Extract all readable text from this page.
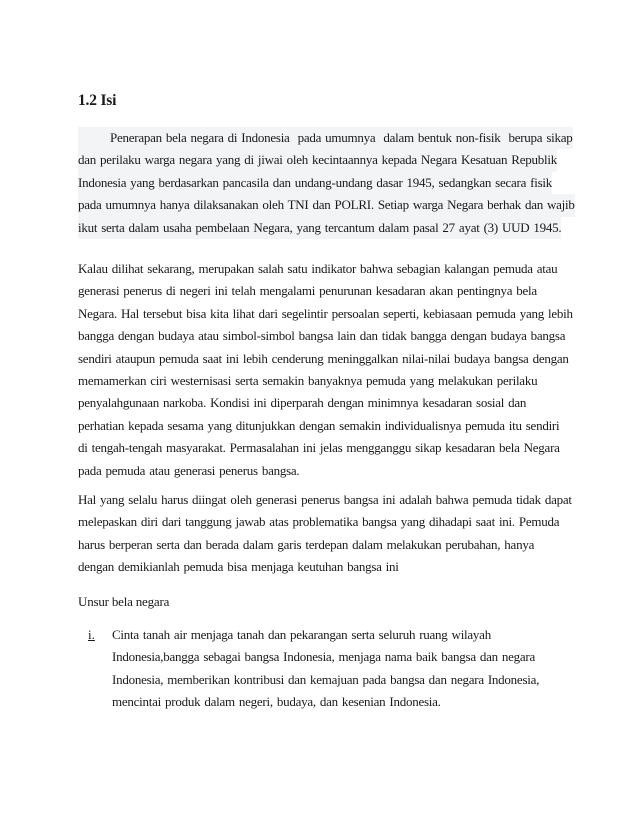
1.2 Isi
Penerapan bela negara di Indonesia  pada umumnya  dalam bentuk non-fisik  berupa sikap dan perilaku warga negara yang di jiwai oleh kecintaannya kepada Negara Kesatuan Republik Indonesia yang berdasarkan pancasila dan undang-undang dasar 1945, sedangkan secara fisik pada umumnya hanya dilaksanakan oleh TNI dan POLRI. Setiap warga Negara berhak dan wajib ikut serta dalam usaha pembelaan Negara, yang tercantum dalam pasal 27 ayat (3) UUD 1945.
Kalau dilihat sekarang, merupakan salah satu indikator bahwa sebagian kalangan pemuda atau
generasi penerus di negeri ini telah mengalami penurunan kesadaran akan pentingnya bela
Negara. Hal tersebut bisa kita lihat dari segelintir persoalan seperti, kebiasaan pemuda yang lebih
bangga dengan budaya atau simbol-simbol bangsa lain dan tidak bangga dengan budaya bangsa
sendiri ataupun pemuda saat ini lebih cenderung meninggalkan nilai-nilai budaya bangsa dengan
memamerkan ciri westernisasi serta semakin banyaknya pemuda yang melakukan perilaku
penyalahgunaan narkoba. Kondisi ini diperparah dengan minimnya kesadaran sosial dan
perhatian kepada sesama yang ditunjukkan dengan semakin individualisnya pemuda itu sendiri
di tengah-tengah masyarakat. Permasalahan ini jelas mengganggu sikap kesadaran bela Negara
pada pemuda atau generasi penerus bangsa.
Hal yang selalu harus diingat oleh generasi penerus bangsa ini adalah bahwa pemuda tidak dapat
melepaskan diri dari tanggung jawab atas problematika bangsa yang dihadapi saat ini. Pemuda
harus berperan serta dan berada dalam garis terdepan dalam melakukan perubahan, hanya
dengan demikianlah pemuda bisa menjaga keutuhan bangsa ini
Unsur bela negara
i. Cinta tanah air menjaga tanah dan pekarangan serta seluruh ruang wilayah
Indonesia,bangga sebagai bangsa Indonesia, menjaga nama baik bangsa dan negara
Indonesia, memberikan kontribusi dan kemajuan pada bangsa dan negara Indonesia,
mencintai produk dalam negeri, budaya, dan kesenian Indonesia.
